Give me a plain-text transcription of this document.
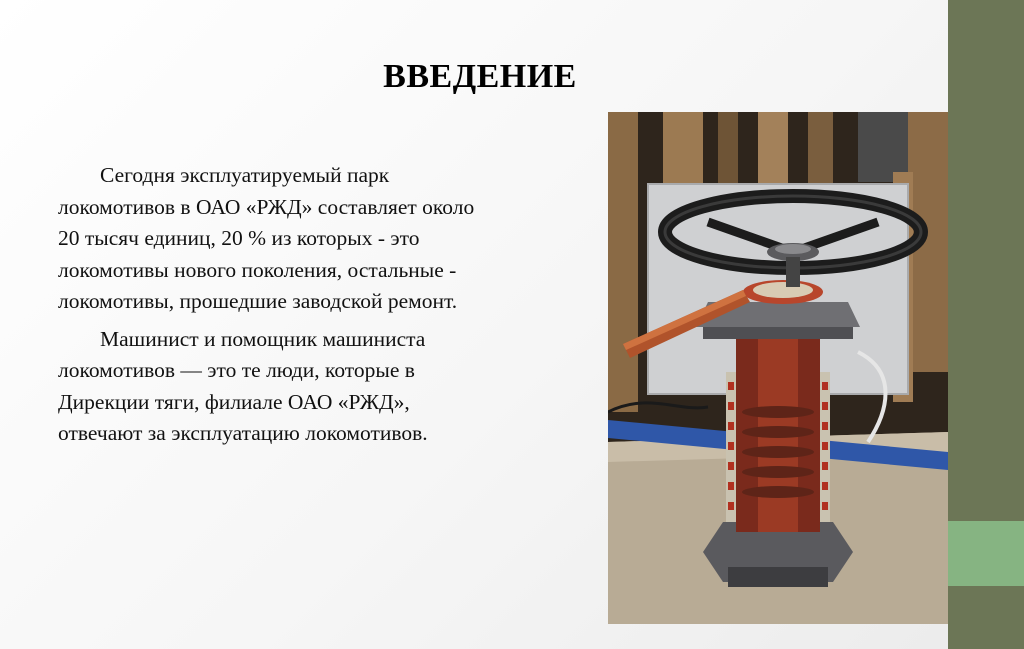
ВВЕДЕНИЕ

Сегодня эксплуатируемый парк локомотивов в ОАО «РЖД» составляет около 20 тысяч единиц, 20 % из которых - это локомотивы нового поколения, остальные - локомотивы, прошедшие заводской ремонт.

Машинист и помощник машиниста локомотивов — это те люди, которые в Дирекции тяги, филиале ОАО «РЖД», отвечают за эксплуатацию локомотивов.
